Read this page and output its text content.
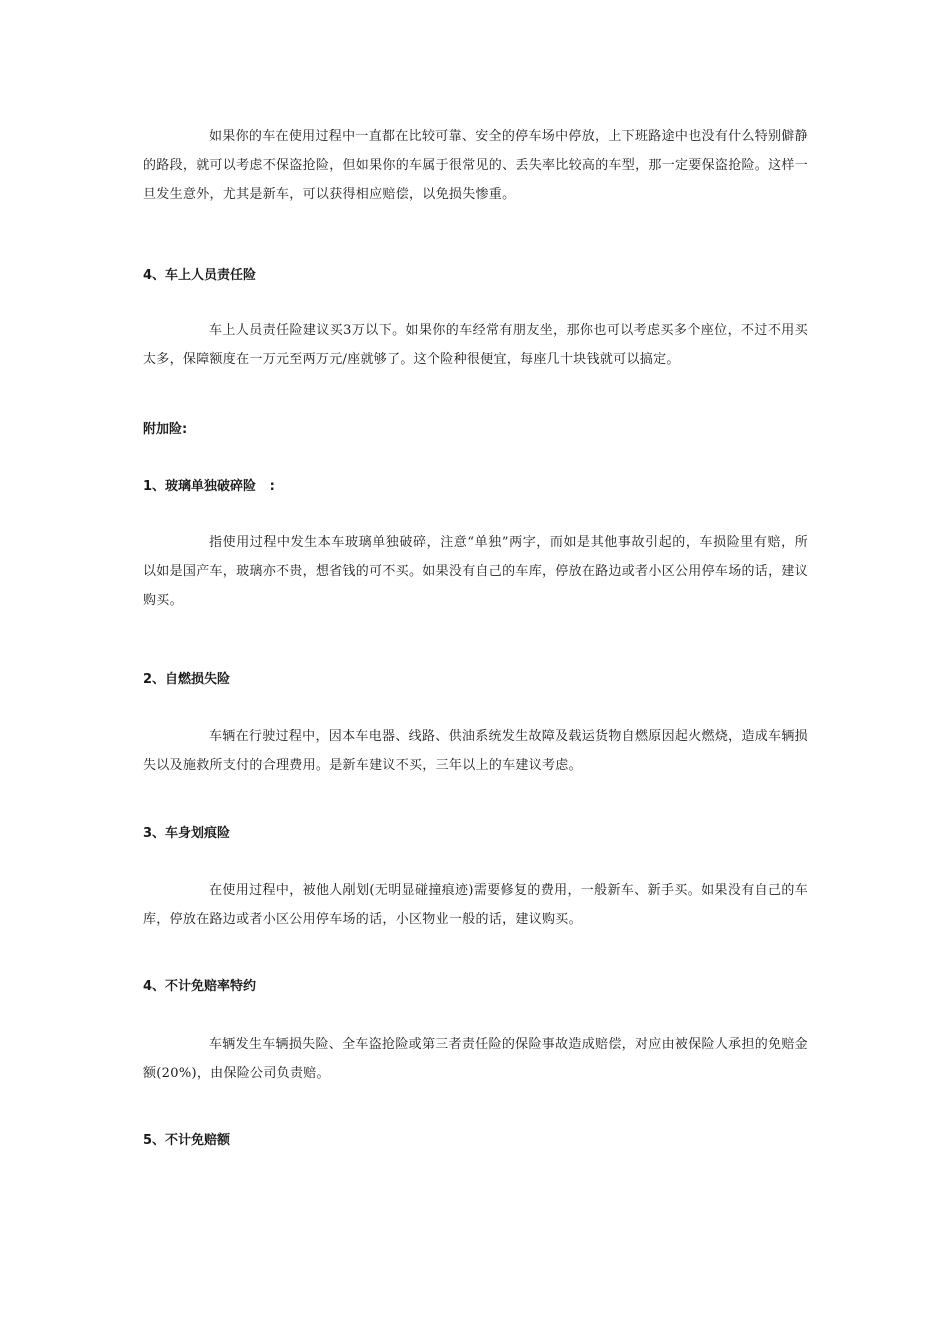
如果你的车在使用过程中一直都在比较可靠、安全的停车场中停放，上下班路途中也没有什么特别僻静的路段，就可以考虑不保盗抢险，但如果你的车属于很常见的、丢失率比较高的车型，那一定要保盗抢险。这样一旦发生意外，尤其是新车，可以获得相应赔偿，以免损失惨重。

4、车上人员责任险

车上人员责任险建议买3万以下。如果你的车经常有朋友坐，那你也可以考虑买多个座位，不过不用买太多，保障额度在一万元至两万元/座就够了。这个险种很便宜，每座几十块钱就可以搞定。

附加险:

1、玻璃单独破碎险   :

指使用过程中发生本车玻璃单独破碎，注意“单独”两字，而如是其他事故引起的，车损险里有赔，所以如是国产车，玻璃亦不贵，想省钱的可不买。如果没有自己的车库，停放在路边或者小区公用停车场的话，建议购买。

2、自燃损失险

车辆在行驶过程中，因本车电器、线路、供油系统发生故障及载运货物自燃原因起火燃烧，造成车辆损失以及施救所支付的合理费用。是新车建议不买，三年以上的车建议考虑。

3、车身划痕险

在使用过程中，被他人剐划(无明显碰撞痕迹)需要修复的费用，一般新车、新手买。如果没有自己的车库，停放在路边或者小区公用停车场的话，小区物业一般的话，建议购买。

4、不计免赔率特约

车辆发生车辆损失险、全车盗抢险或第三者责任险的保险事故造成赔偿，对应由被保险人承担的免赔金额(20%)，由保险公司负责赔。

5、不计免赔额
